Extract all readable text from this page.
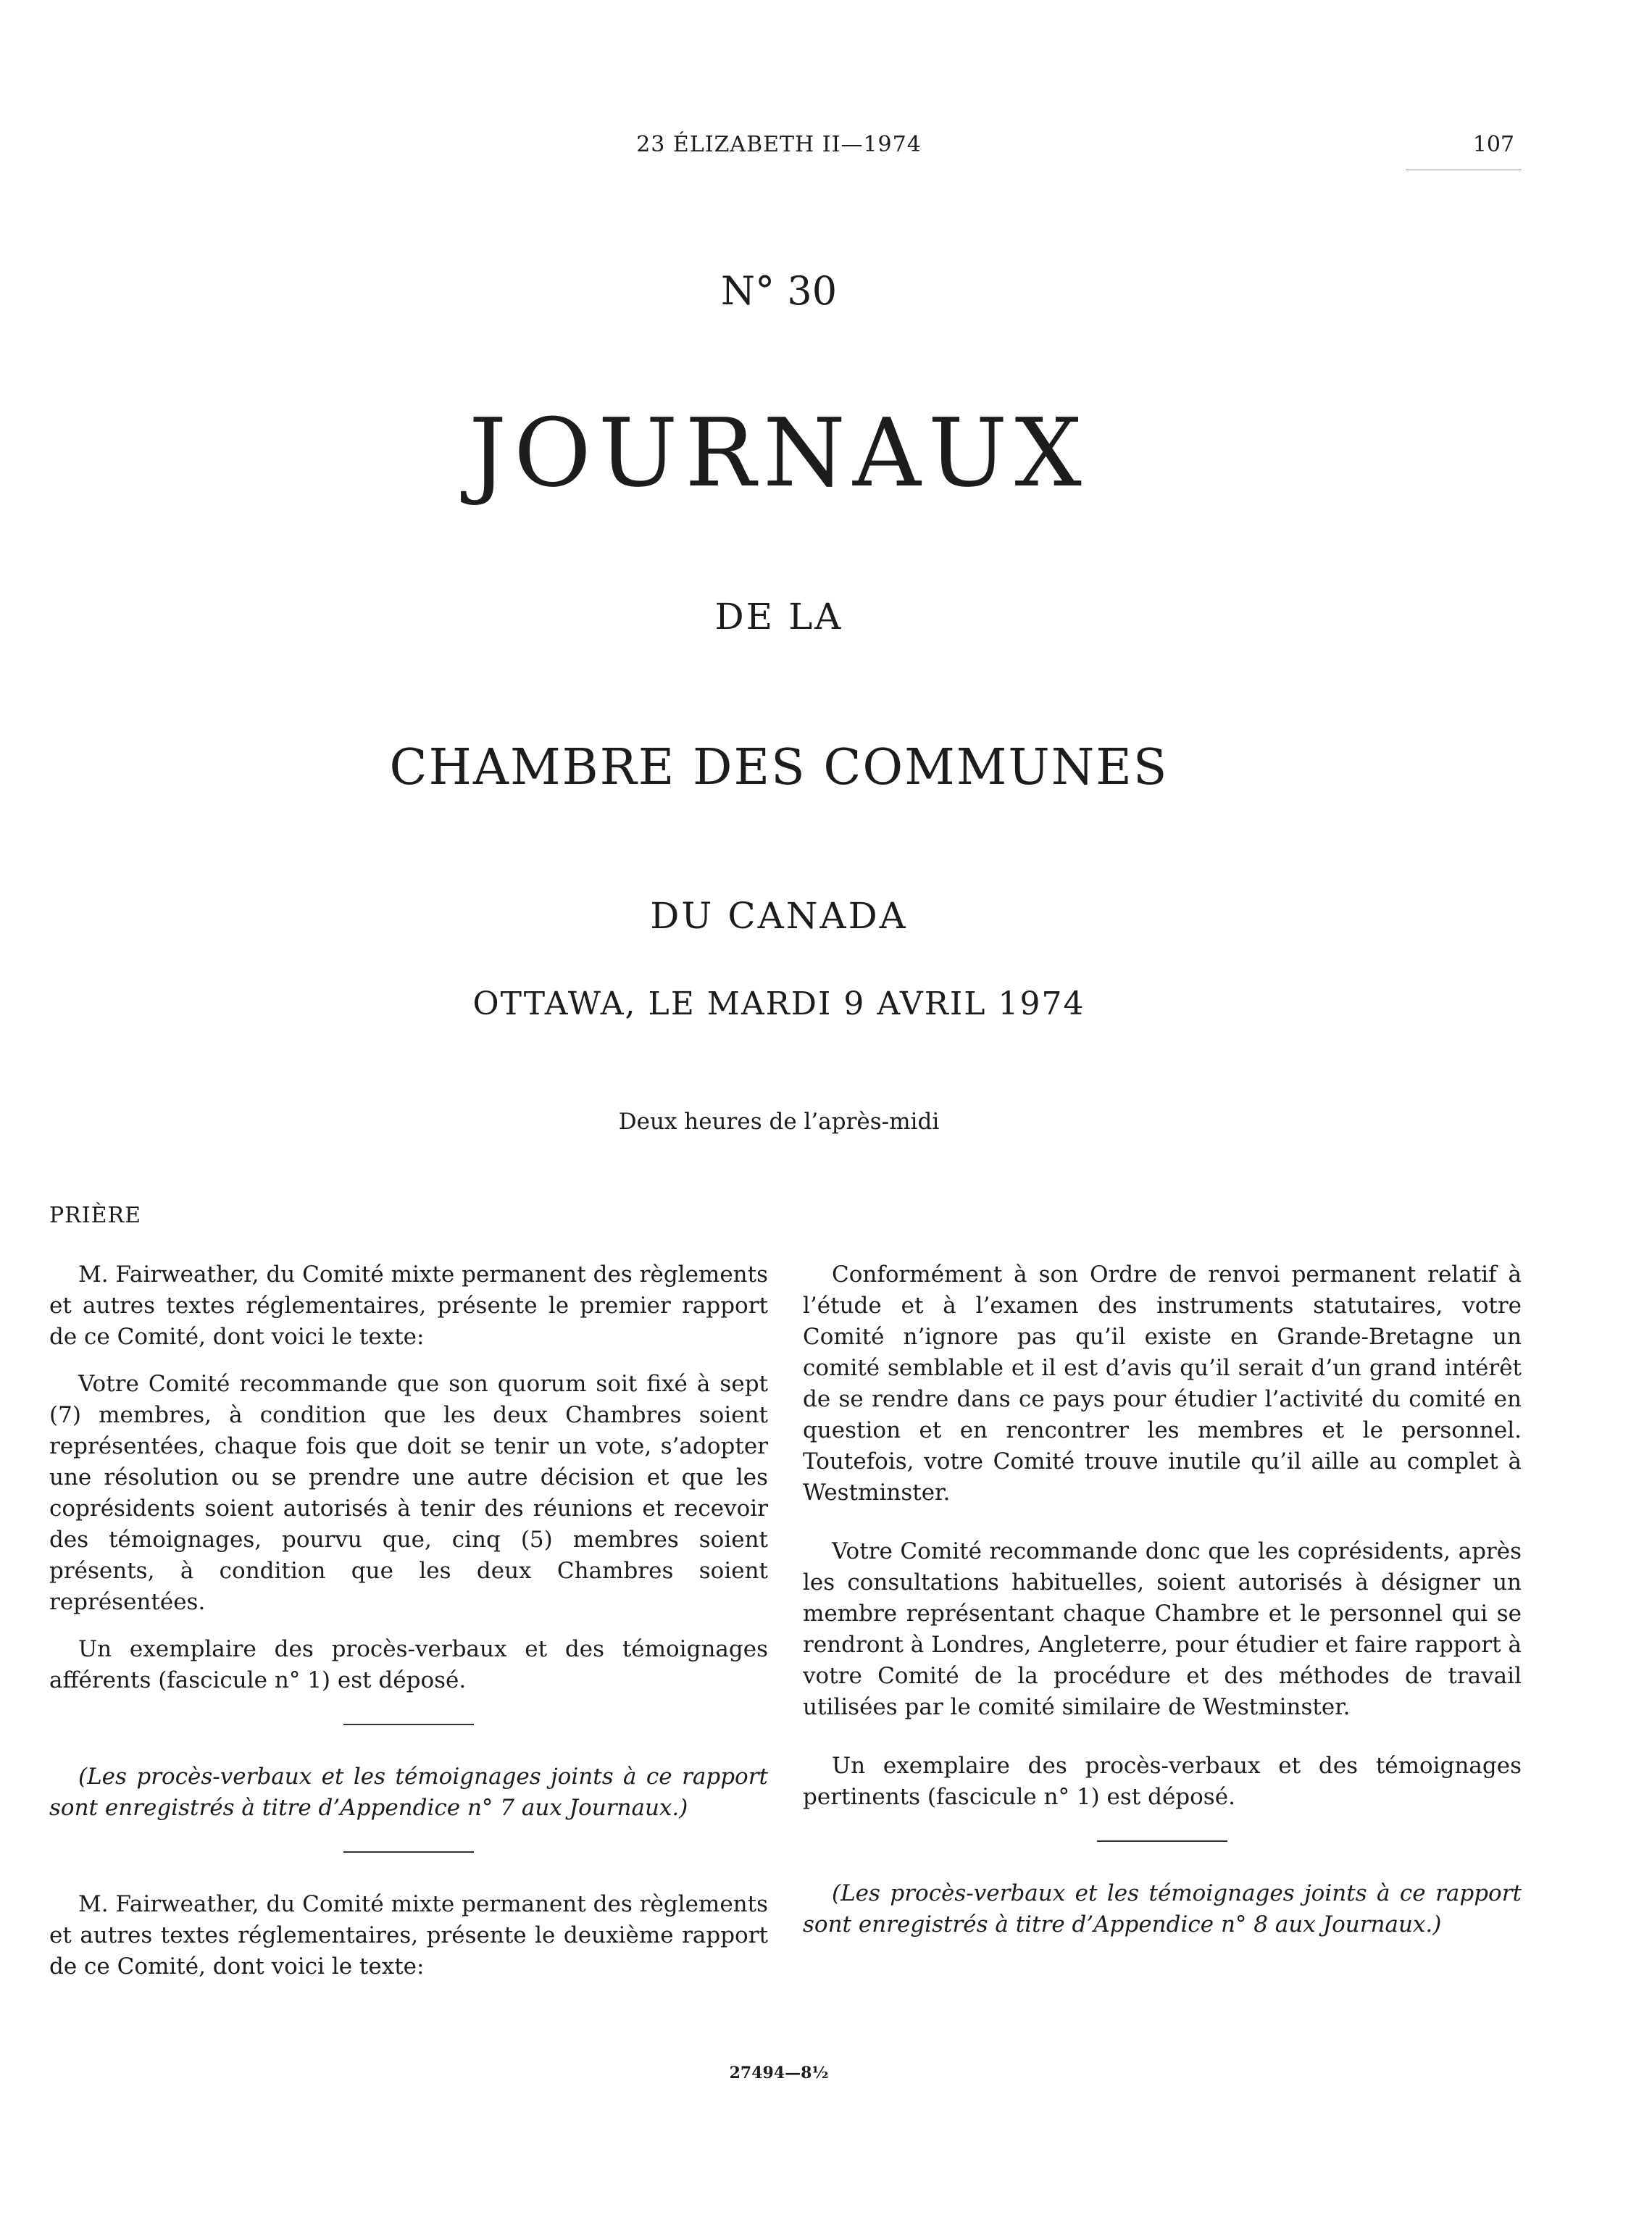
23 ÉLIZABETH II—1974	107
N° 30
JOURNAUX
DE LA
CHAMBRE DES COMMUNES
DU CANADA
OTTAWA, LE MARDI 9 AVRIL 1974
Deux heures de l’après-midi
PRIÈRE

M. Fairweather, du Comité mixte permanent des règlements et autres textes réglementaires, présente le premier rapport de ce Comité, dont voici le texte:

Votre Comité recommande que son quorum soit fixé à sept (7) membres, à condition que les deux Chambres soient représentées, chaque fois que doit se tenir un vote, s’adopter une résolution ou se prendre une autre décision et que les coprésidents soient autorisés à tenir des réunions et recevoir des témoignages, pourvu que, cinq (5) membres soient présents, à condition que les deux Chambres soient représentées.

Un exemplaire des procès-verbaux et des témoignages afférents (fascicule n° 1) est déposé.

(Les procès-verbaux et les témoignages joints à ce rapport sont enregistrés à titre d’Appendice n° 7 aux Journaux.)

M. Fairweather, du Comité mixte permanent des règlements et autres textes réglementaires, présente le deuxième rapport de ce Comité, dont voici le texte:

Conformément à son Ordre de renvoi permanent relatif à l’étude et à l’examen des instruments statutaires, votre Comité n’ignore pas qu’il existe en Grande-Bretagne un comité semblable et il est d’avis qu’il serait d’un grand intérêt de se rendre dans ce pays pour étudier l’activité du comité en question et en rencontrer les membres et le personnel. Toutefois, votre Comité trouve inutile qu’il aille au complet à Westminster.

Votre Comité recommande donc que les coprésidents, après les consultations habituelles, soient autorisés à désigner un membre représentant chaque Chambre et le personnel qui se rendront à Londres, Angleterre, pour étudier et faire rapport à votre Comité de la procédure et des méthodes de travail utilisées par le comité similaire de Westminster.

Un exemplaire des procès-verbaux et des témoignages pertinents (fascicule n° 1) est déposé.

(Les procès-verbaux et les témoignages joints à ce rapport sont enregistrés à titre d’Appendice n° 8 aux Journaux.)

27494—8½
